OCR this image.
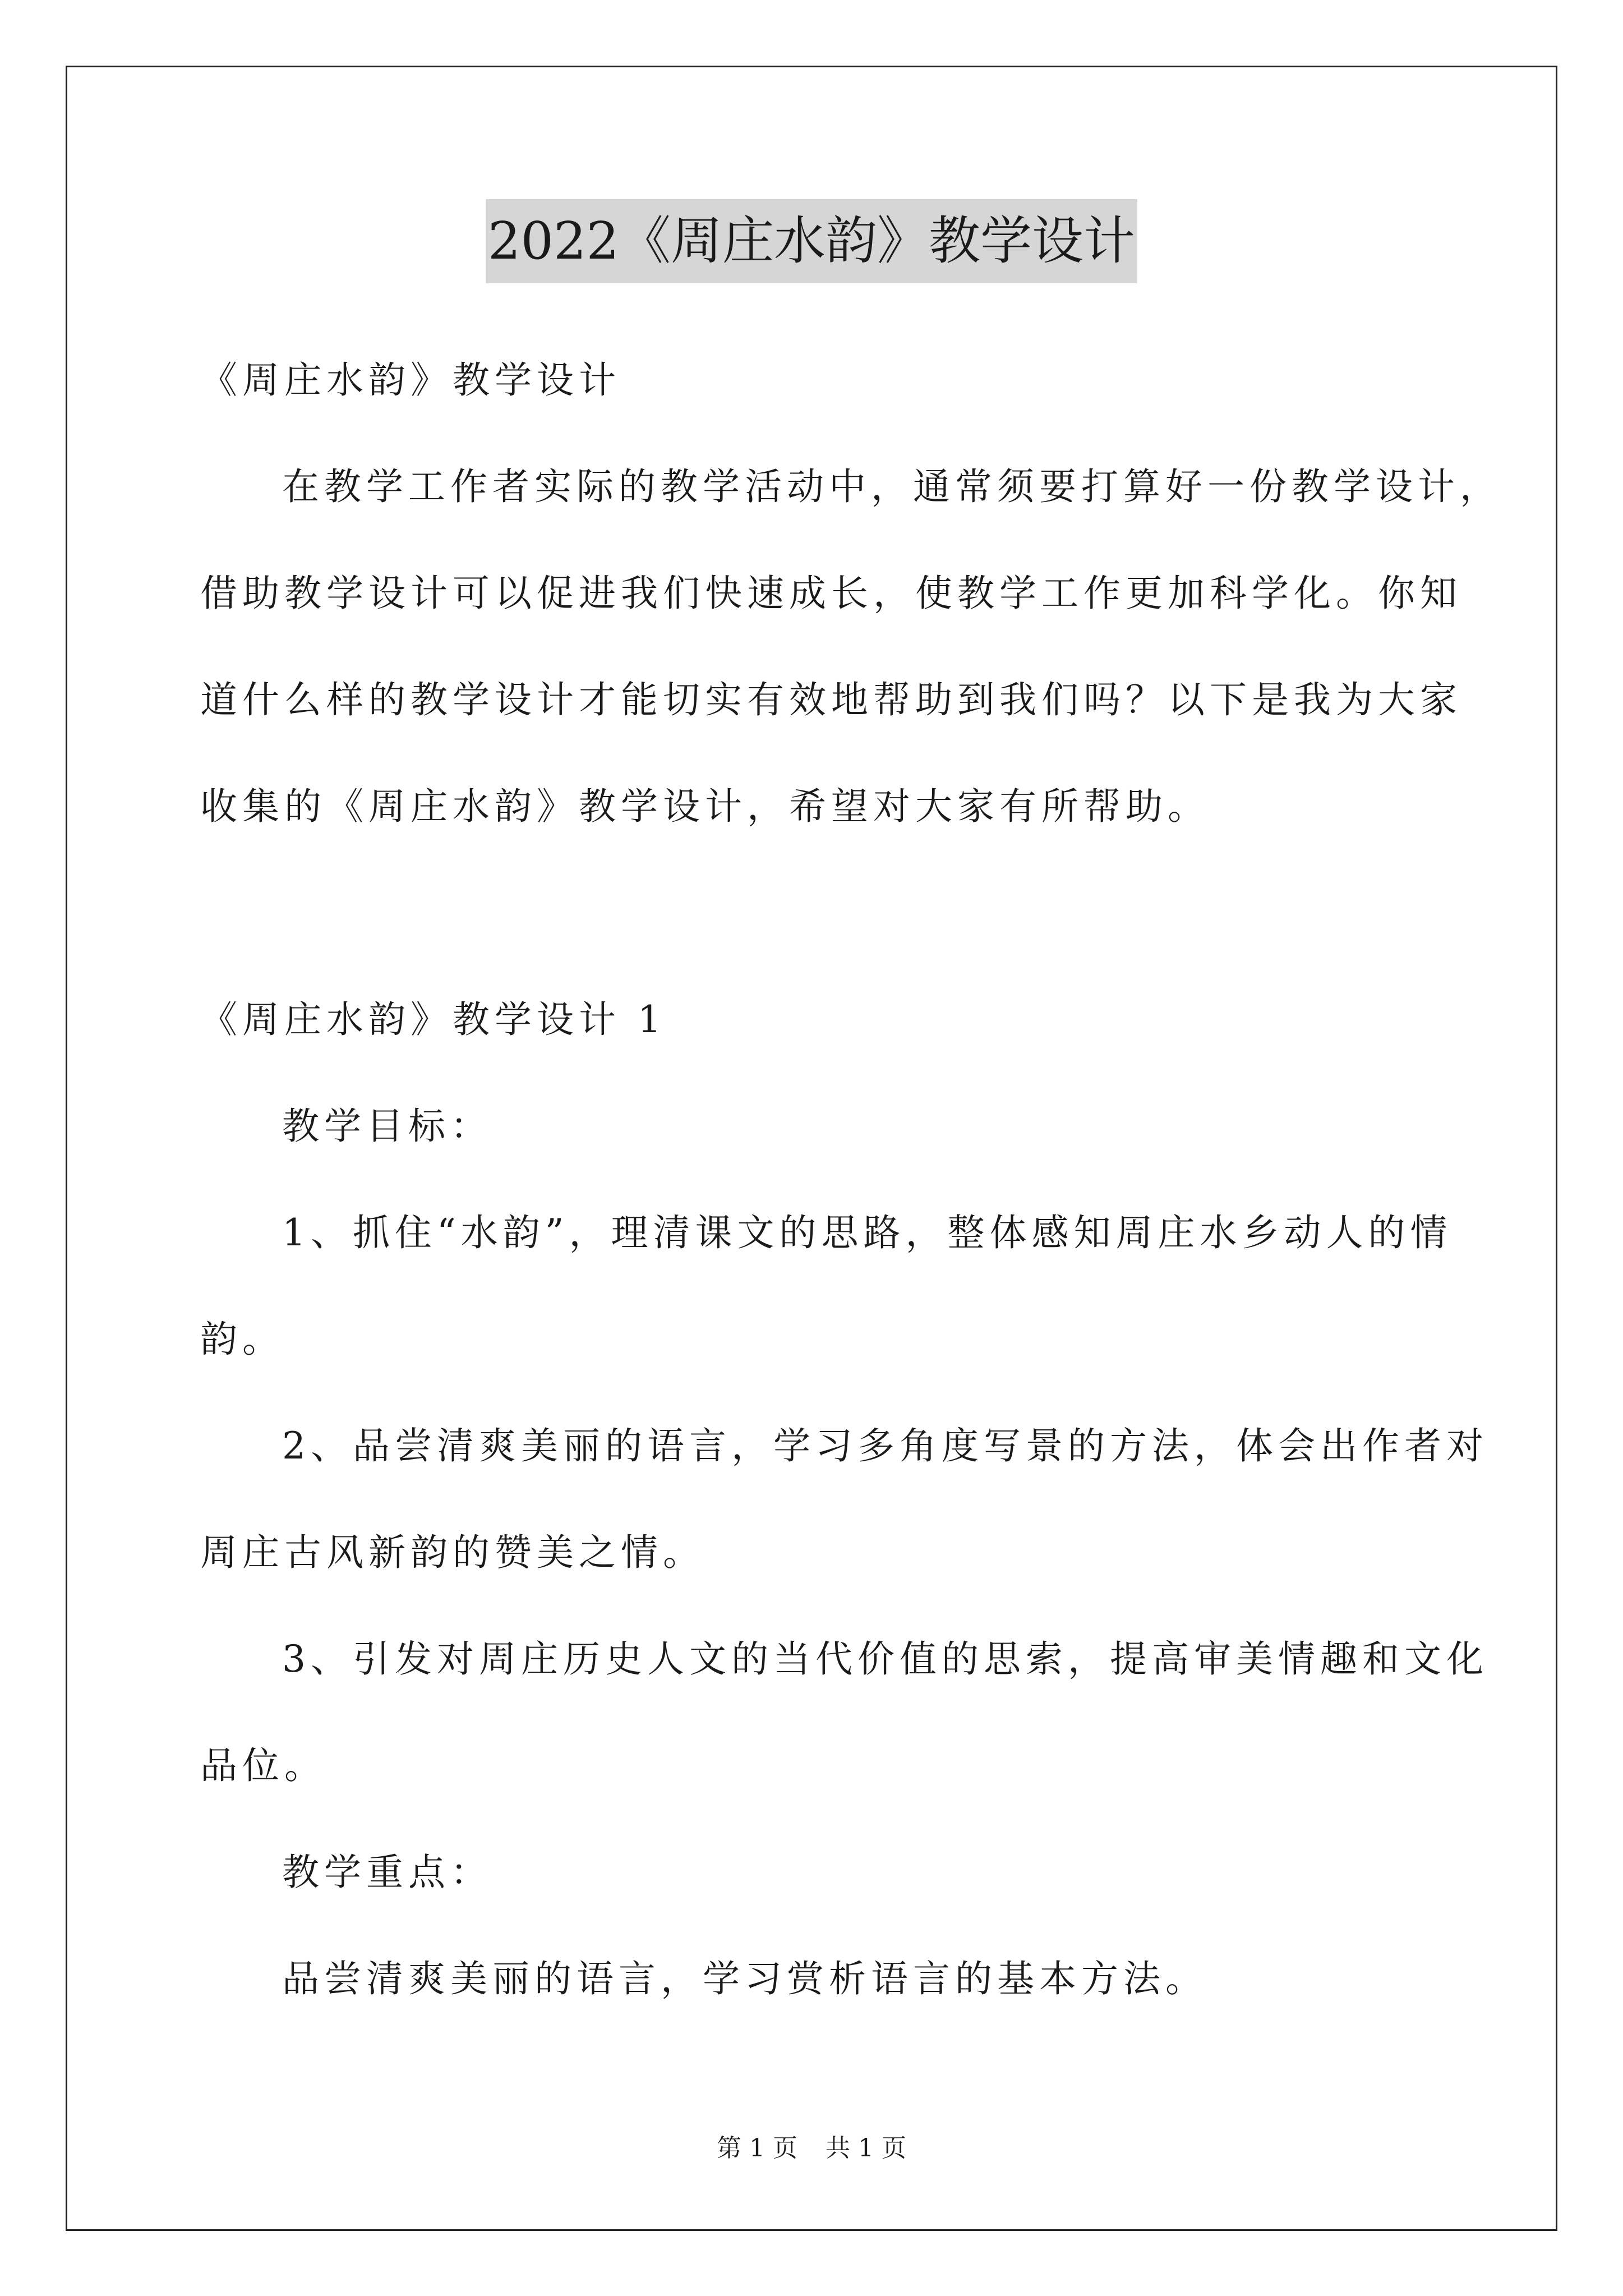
2022《周庄水韵》教学设计
《周庄水韵》教学设计
在教学工作者实际的教学活动中，通常须要打算好一份教学设计，
借助教学设计可以促进我们快速成长，使教学工作更加科学化。你知
道什么样的教学设计才能切实有效地帮助到我们吗？以下是我为大家
收集的《周庄水韵》教学设计，希望对大家有所帮助。
《周庄水韵》教学设计 1
教学目标：
1、抓住“水韵”，理清课文的思路，整体感知周庄水乡动人的情
韵。
2、品尝清爽美丽的语言，学习多角度写景的方法，体会出作者对
周庄古风新韵的赞美之情。
3、引发对周庄历史人文的当代价值的思索，提高审美情趣和文化
品位。
教学重点：
品尝清爽美丽的语言，学习赏析语言的基本方法。
第 1 页 共 1 页
